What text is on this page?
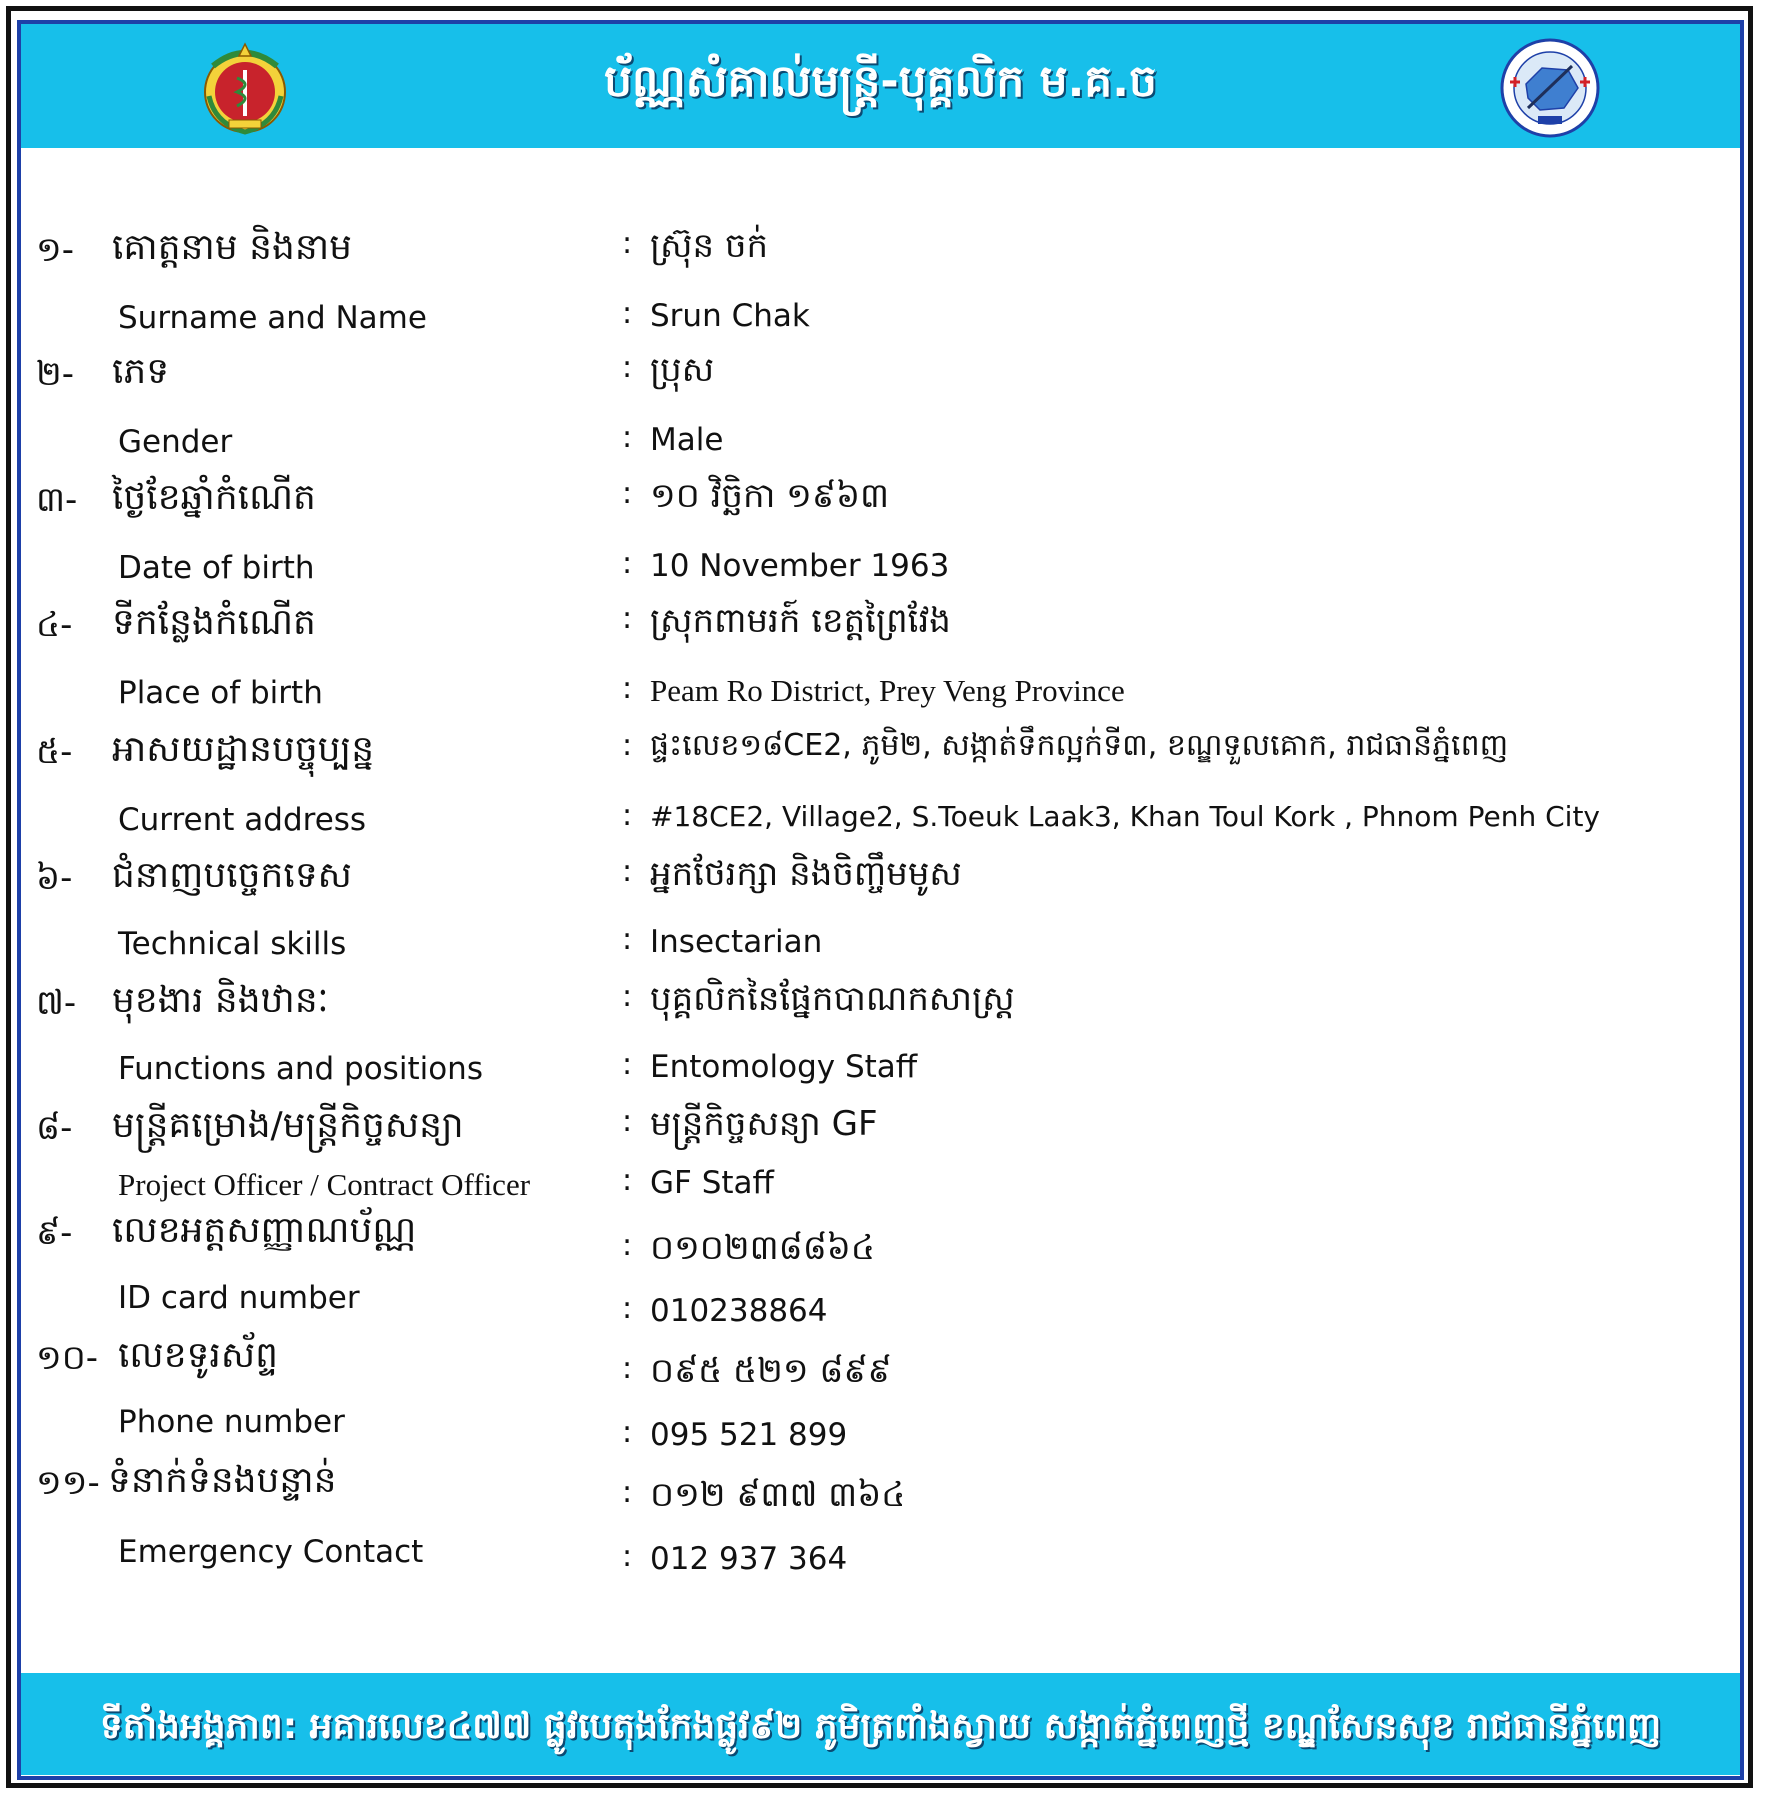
ប័ណ្ណសំគាល់មន្ត្រី-បុគ្គលិក ម.គ.ច
១- គោត្តនាម និងនាម	: ស្រ៊ុន ចក់
Surname and Name	: Srun Chak
២- ភេទ	: ប្រុស
Gender	: Male
៣- ថ្ងៃខែឆ្នាំកំណើត	: ១០ វិច្ឆិកា ១៩៦៣
Date of birth	: 10 November 1963
៤- ទីកន្លែងកំណើត	: ស្រុកពាមរក៍ ខេត្តព្រៃវែង
Place of birth	: Peam Ro District, Prey Veng Province
៥- អាសយដ្ឋានបច្ចុប្បន្ន	: ផ្ទះលេខ១៨CE2, ភូមិ២, សង្កាត់ទឹកល្អក់ទី៣, ខណ្ឌទួលគោក, រាជធានីភ្នំពេញ
Current address	: #18CE2, Village2, S.Toeuk Laak3, Khan Toul Kork , Phnom Penh City
៦- ជំនាញបច្ចេកទេស	: អ្នកថែរក្សា និងចិញ្ចឹមមូស
Technical skills	: Insectarian
៧- មុខងារ និងឋានៈ	: បុគ្គលិកនៃផ្នែកបាណកសាស្ត្រ
Functions and positions	: Entomology Staff
៨- មន្ត្រីគម្រោង/មន្ត្រីកិច្ចសន្យា	: មន្ត្រីកិច្ចសន្យា GF
Project Officer / Contract Officer	: GF Staff
៩- លេខអត្តសញ្ញាណប័ណ្ណ	: ០១០២៣៨៨៦៤
ID card number	: 010238864
១០- លេខទូរស័ព្ទ	: ០៩៥ ៥២១ ៨៩៩
Phone number	: 095 521 899
១១- ទំនាក់ទំនងបន្ទាន់	: ០១២ ៩៣៧ ៣៦៤
Emergency Contact	: 012 937 364
ទីតាំងអង្គភាព: អគារលេខ៤៧៧ ផ្លូវបេតុងកែងផ្លូវ៩២ ភូមិត្រពាំងស្វាយ សង្កាត់ភ្នំពេញថ្មី ខណ្ឌសែនសុខ រាជធានីភ្នំពេញ
